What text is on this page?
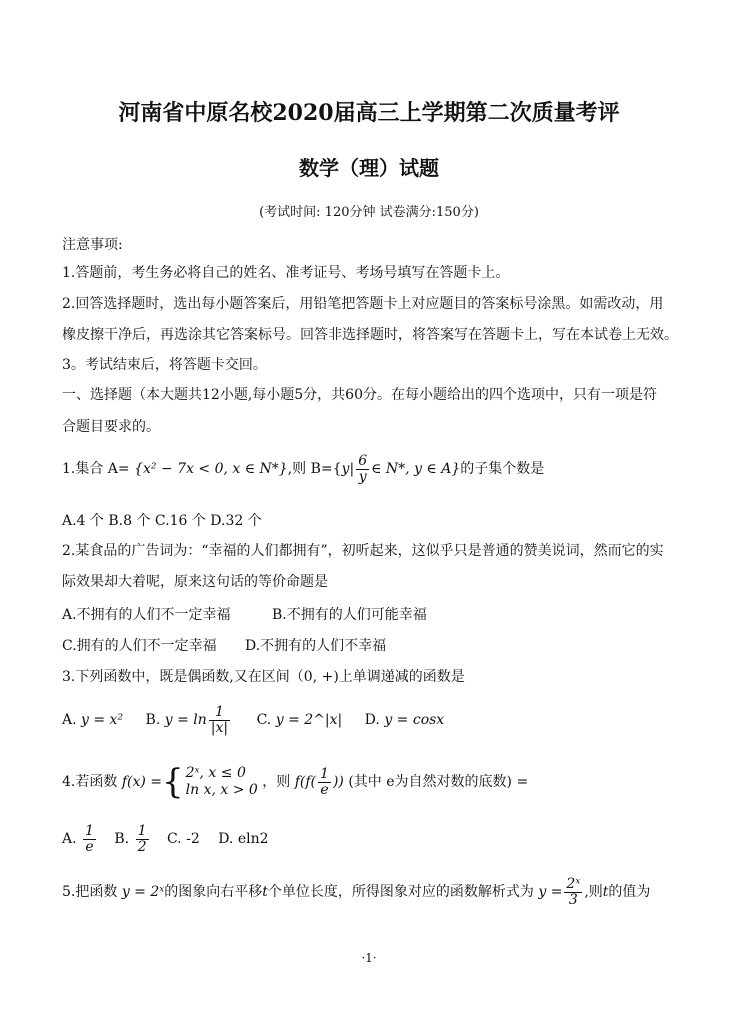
河南省中原名校2020届高三上学期第二次质量考评
数学（理）试题
(考试时间: 120分钟 试卷满分:150分)
注意事项:
1.答题前，考生务必将自己的姓名、准考证号、考场号填写在答题卡上。
2.回答选择题时，选出每小题答案后，用铅笔把答题卡上对应题目的答案标号涂黑。如需改动，用
橡皮擦干净后，再选涂其它答案标号。回答非选择题时，将答案写在答题卡上，写在本试卷上无效。
3。考试结束后，将答题卡交回。
一、选择题（本大题共12小题,每小题5分，共60分。在每小题给出的四个选项中，只有一项是符
合题目要求的。
1.集合 A= {x² − 7x < 0, x ∈ N*},则 $B=\{y| \frac{6}{y}$ ∈ N*, y ∈ A}的子集个数是
A.4 个 B.8 个 C.16 个 D.32 个
2.某食品的广告词为：“幸福的人们都拥有”，初听起来，这似乎只是普通的赞美说词，然而它的实
际效果却大着呢，原来这句话的等价命题是
A.不拥有的人们不一定幸福	B.不拥有的人们可能幸福
C.拥有的人们不一定幸福 D.不拥有的人们不幸福
3.下列函数中，既是偶函数,又在区间（0, +)上单调递减的函数是
A. y = x² B. $y = \ln \frac{1}{|x|} C$. y = 2^|x| D. y = cosx
4.若函数 f(x) ={ 2ˣ, x ≤ 0
ln x, x > 0 ，则 $f(f( \frac{1}{e}$ )) (其中 e为自然对数的底数) =
A. $\frac{1}{e} B$. $\frac{1}{2} C$. -2 D. eln2
5.把函数 y = 2ˣ的图象向右平移t个单位长度，所得图象对应的函数解析式为 $y = \frac{\text{2ˣ}}{3}$ ,则t的值为
·1·
